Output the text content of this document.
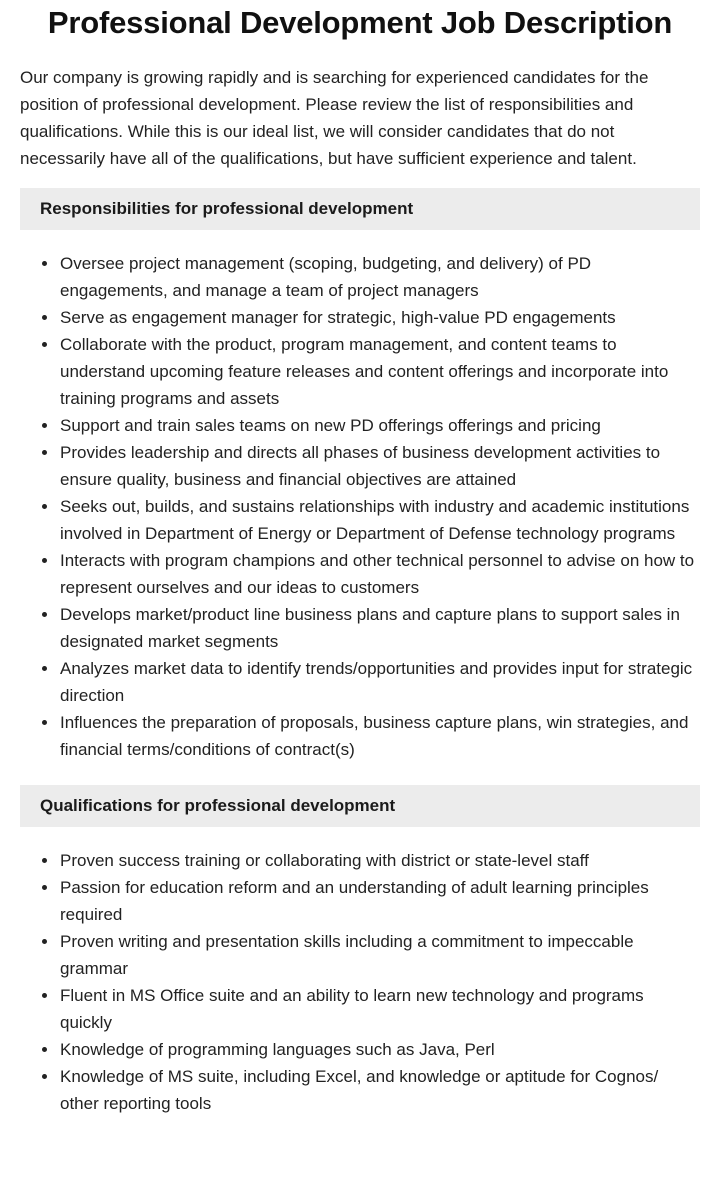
Professional Development Job Description

Our company is growing rapidly and is searching for experienced candidates for the position of professional development. Please review the list of responsibilities and qualifications. While this is our ideal list, we will consider candidates that do not necessarily have all of the qualifications, but have sufficient experience and talent.

Responsibilities for professional development
Oversee project management (scoping, budgeting, and delivery) of PD engagements, and manage a team of project managers
Serve as engagement manager for strategic, high-value PD engagements
Collaborate with the product, program management, and content teams to understand upcoming feature releases and content offerings and incorporate into training programs and assets
Support and train sales teams on new PD offerings offerings and pricing
Provides leadership and directs all phases of business development activities to ensure quality, business and financial objectives are attained
Seeks out, builds, and sustains relationships with industry and academic institutions involved in Department of Energy or Department of Defense technology programs
Interacts with program champions and other technical personnel to advise on how to represent ourselves and our ideas to customers
Develops market/product line business plans and capture plans to support sales in designated market segments
Analyzes market data to identify trends/opportunities and provides input for strategic direction
Influences the preparation of proposals, business capture plans, win strategies, and financial terms/conditions of contract(s)
Qualifications for professional development
Proven success training or collaborating with district or state-level staff
Passion for education reform and an understanding of adult learning principles required
Proven writing and presentation skills including a commitment to impeccable grammar
Fluent in MS Office suite and an ability to learn new technology and programs quickly
Knowledge of programming languages such as Java, Perl
Knowledge of MS suite, including Excel, and knowledge or aptitude for Cognos/ other reporting tools
